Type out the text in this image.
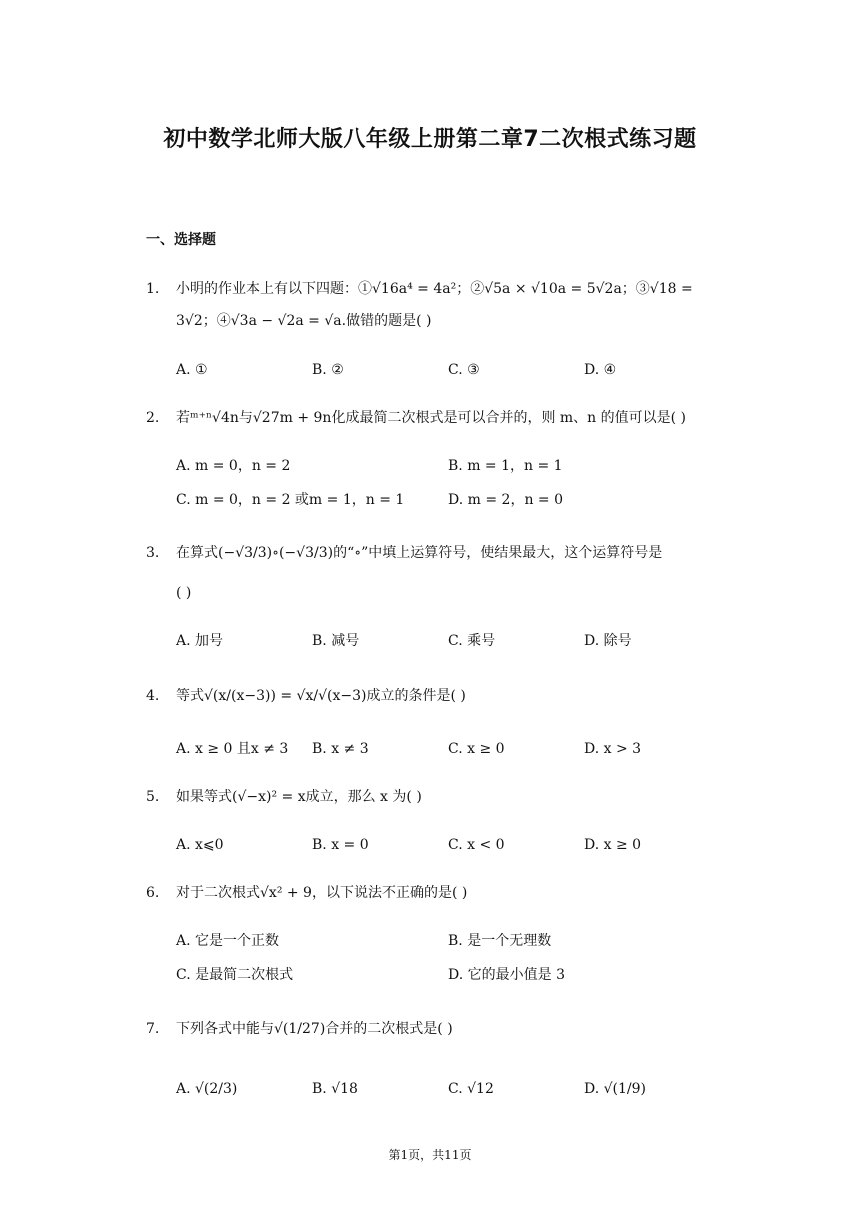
初中数学北师大版八年级上册第二章7二次根式练习题
一、选择题
1.	小明的作业本上有以下四题：①√16a⁴ = 4a²；②√5a × √10a = 5√2a；③√18 =
3√2；④√3a − √2a = √a.做错的题是( )
A. ①	B. ②	C. ③	D. ④
2.	若ᵐ⁺ⁿ√4n与√27m + 9n化成最简二次根式是可以合并的，则 m、n 的值可以是( )
A. m = 0，n = 2	B. m = 1，n = 1
C. m = 0，n = 2 或m = 1，n = 1	D. m = 2，n = 0
3.	在算式(−√3/3)∘(−√3/3)的“∘”中填上运算符号，使结果最大，这个运算符号是
( )
A. 加号	B. 减号	C. 乘号	D. 除号
4.	等式√(x/(x−3)) = √x/√(x−3)成立的条件是( )
A. x ≥ 0 且x ≠ 3 B. x ≠ 3	C. x ≥ 0	D. x > 3
5.	如果等式(√−x)² = x成立，那么 x 为( )
A. x⩽0	B. x = 0	C. x < 0	D. x ≥ 0
6.	对于二次根式√x² + 9，以下说法不正确的是( )
A. 它是一个正数	B. 是一个无理数
C. 是最简二次根式	D. 它的最小值是 3
7.	下列各式中能与√(1/27)合并的二次根式是( )
A. √(2/3)	B. √18	C. √12	D. √(1/9)
第1页，共11页
